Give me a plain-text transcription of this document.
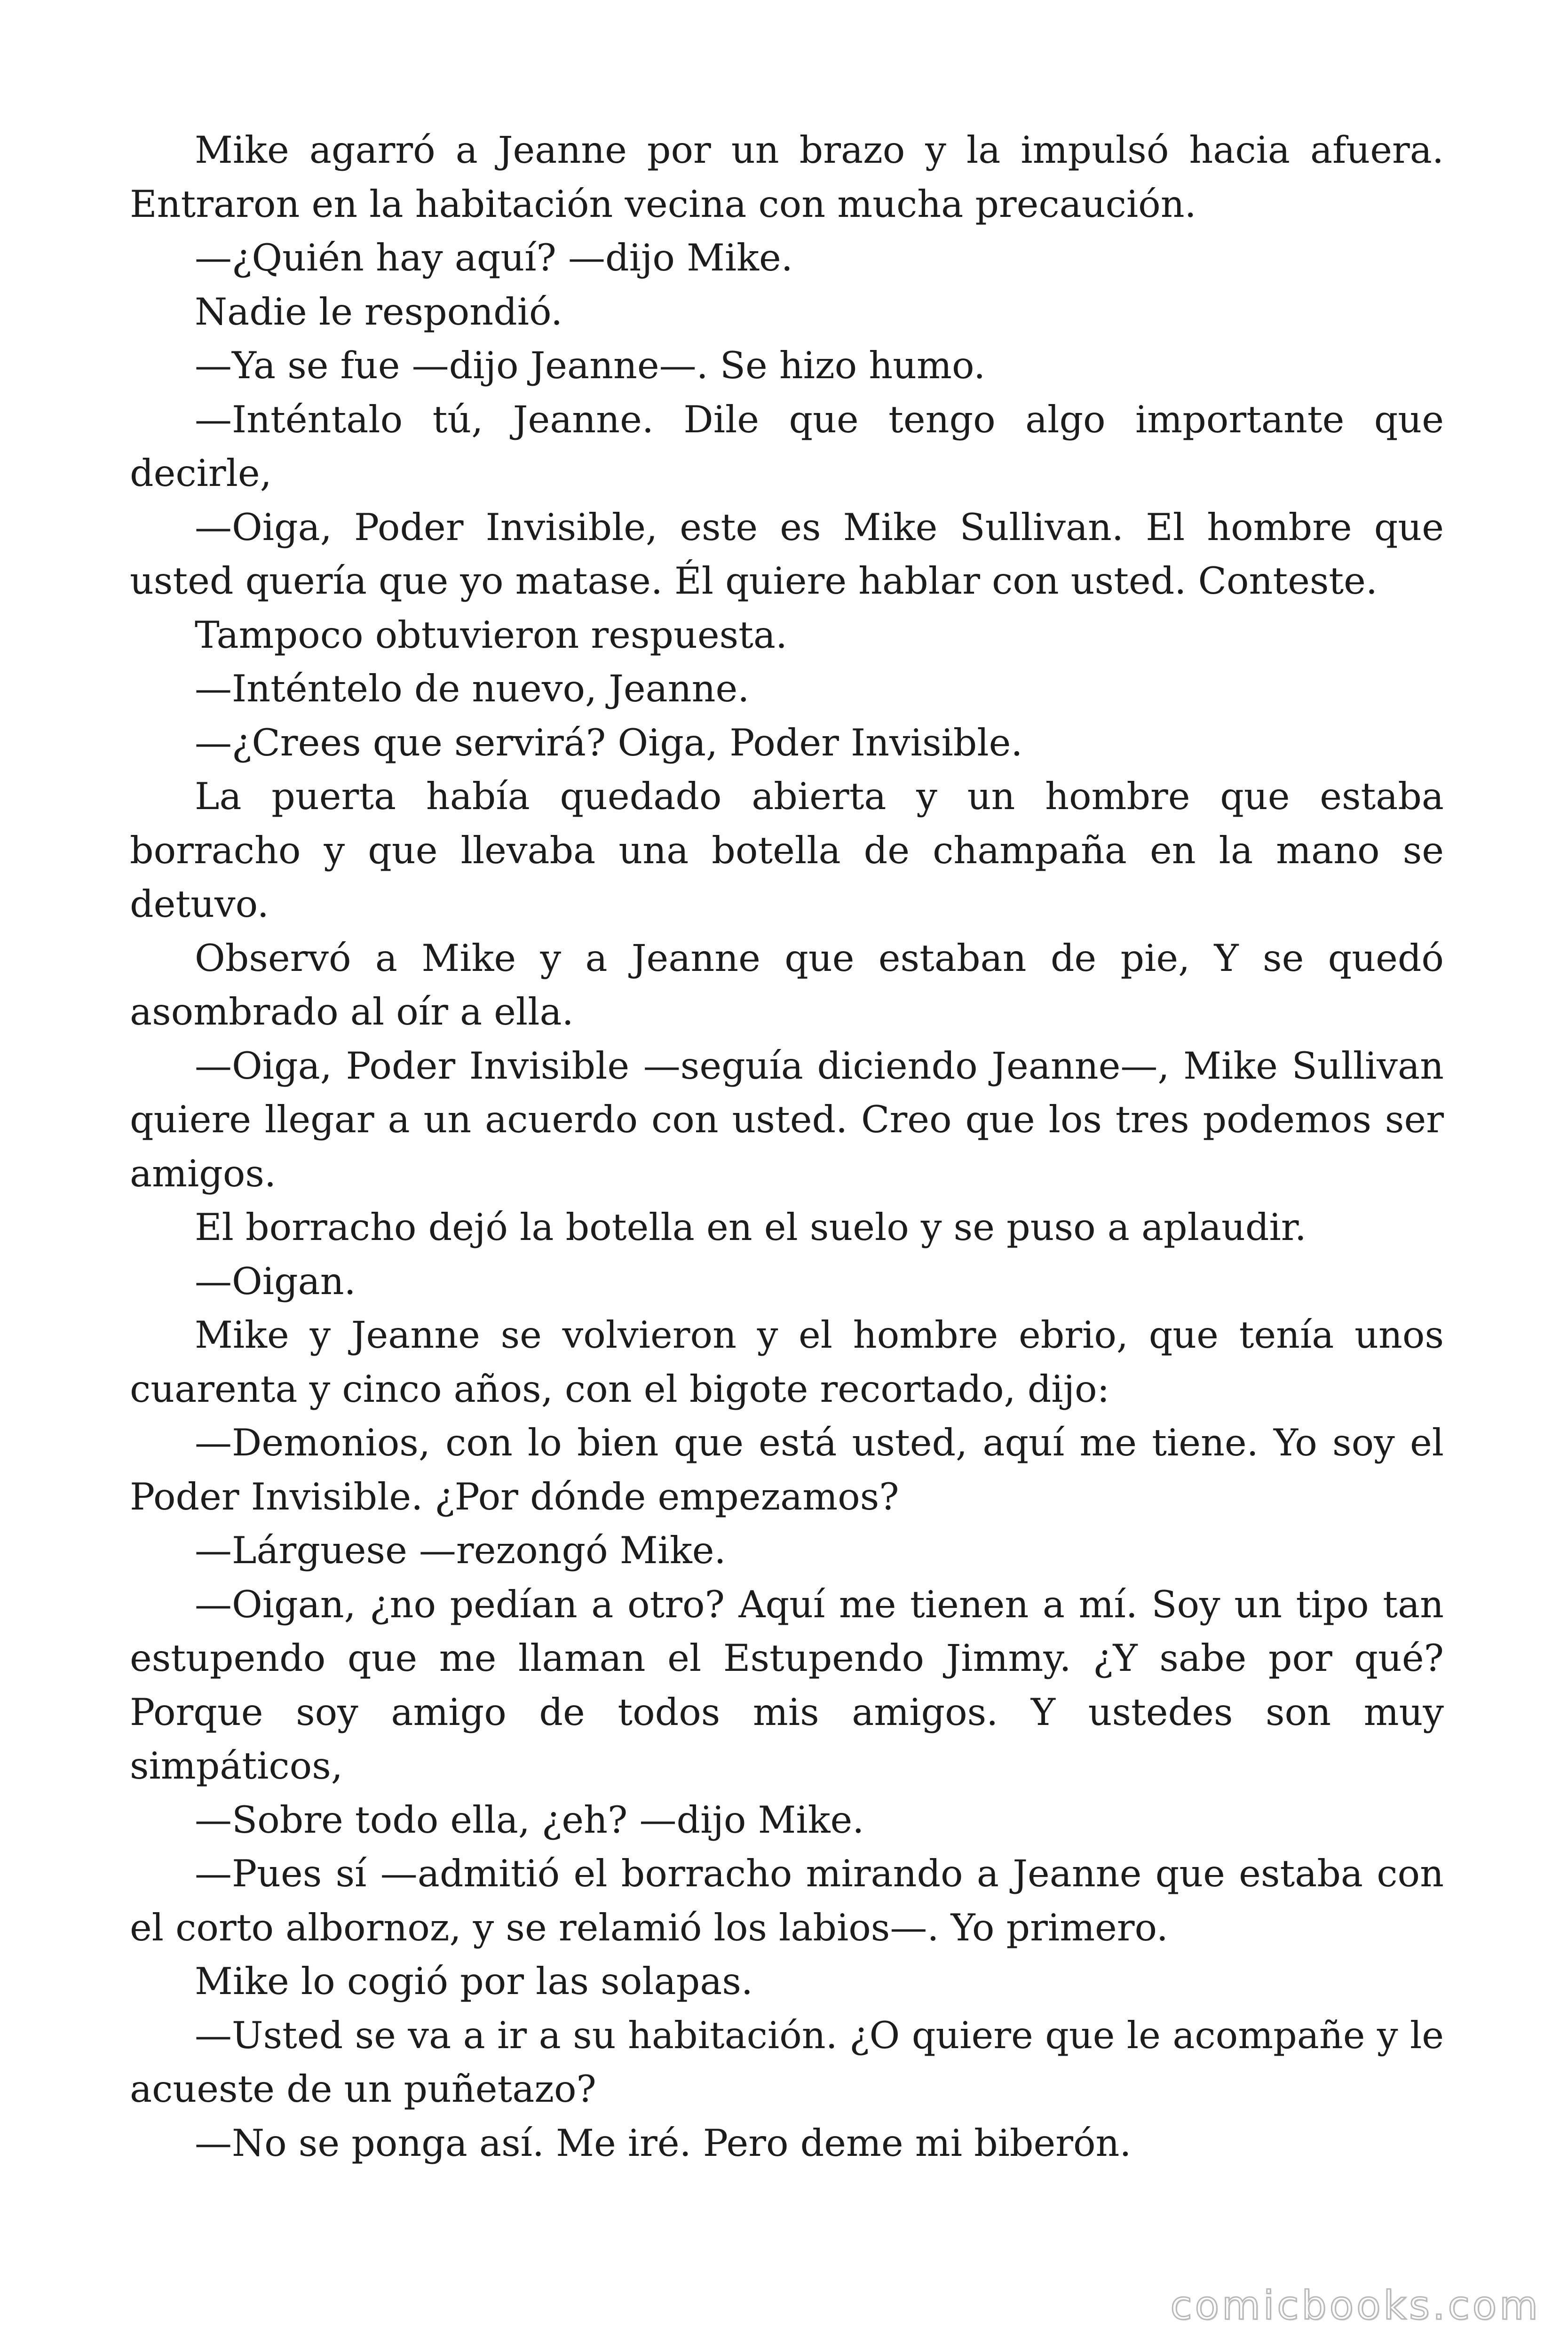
Mike agarró a Jeanne por un brazo y la impulsó hacia afuera. Entraron en la habitación vecina con mucha precaución.

—¿Quién hay aquí? —dijo Mike.

Nadie le respondió.

—Ya se fue —dijo Jeanne—. Se hizo humo.

—Inténtalo tú, Jeanne. Dile que tengo algo importante que decirle,

—Oiga, Poder Invisible, este es Mike Sullivan. El hombre que usted quería que yo matase. Él quiere hablar con usted. Conteste.

Tampoco obtuvieron respuesta.

—Inténtelo de nuevo, Jeanne.

—¿Crees que servirá? Oiga, Poder Invisible.

La puerta había quedado abierta y un hombre que estaba borracho y que llevaba una botella de champaña en la mano se detuvo.

Observó a Mike y a Jeanne que estaban de pie, Y se quedó asombrado al oír a ella.

—Oiga, Poder Invisible —seguía diciendo Jeanne—, Mike Sullivan quiere llegar a un acuerdo con usted. Creo que los tres podemos ser amigos.

El borracho dejó la botella en el suelo y se puso a aplaudir.

—Oigan.

Mike y Jeanne se volvieron y el hombre ebrio, que tenía unos cuarenta y cinco años, con el bigote recortado, dijo:

—Demonios, con lo bien que está usted, aquí me tiene. Yo soy el Poder Invisible. ¿Por dónde empezamos?

—Lárguese —rezongó Mike.

—Oigan, ¿no pedían a otro? Aquí me tienen a mí. Soy un tipo tan estupendo que me llaman el Estupendo Jimmy. ¿Y sabe por qué? Porque soy amigo de todos mis amigos. Y ustedes son muy simpáticos,

—Sobre todo ella, ¿eh? —dijo Mike.

—Pues sí —admitió el borracho mirando a Jeanne que estaba con el corto albornoz, y se relamió los labios—. Yo primero.

Mike lo cogió por las solapas.

—Usted se va a ir a su habitación. ¿O quiere que le acompañe y le acueste de un puñetazo?

—No se ponga así. Me iré. Pero deme mi biberón.

comicbooks.com
